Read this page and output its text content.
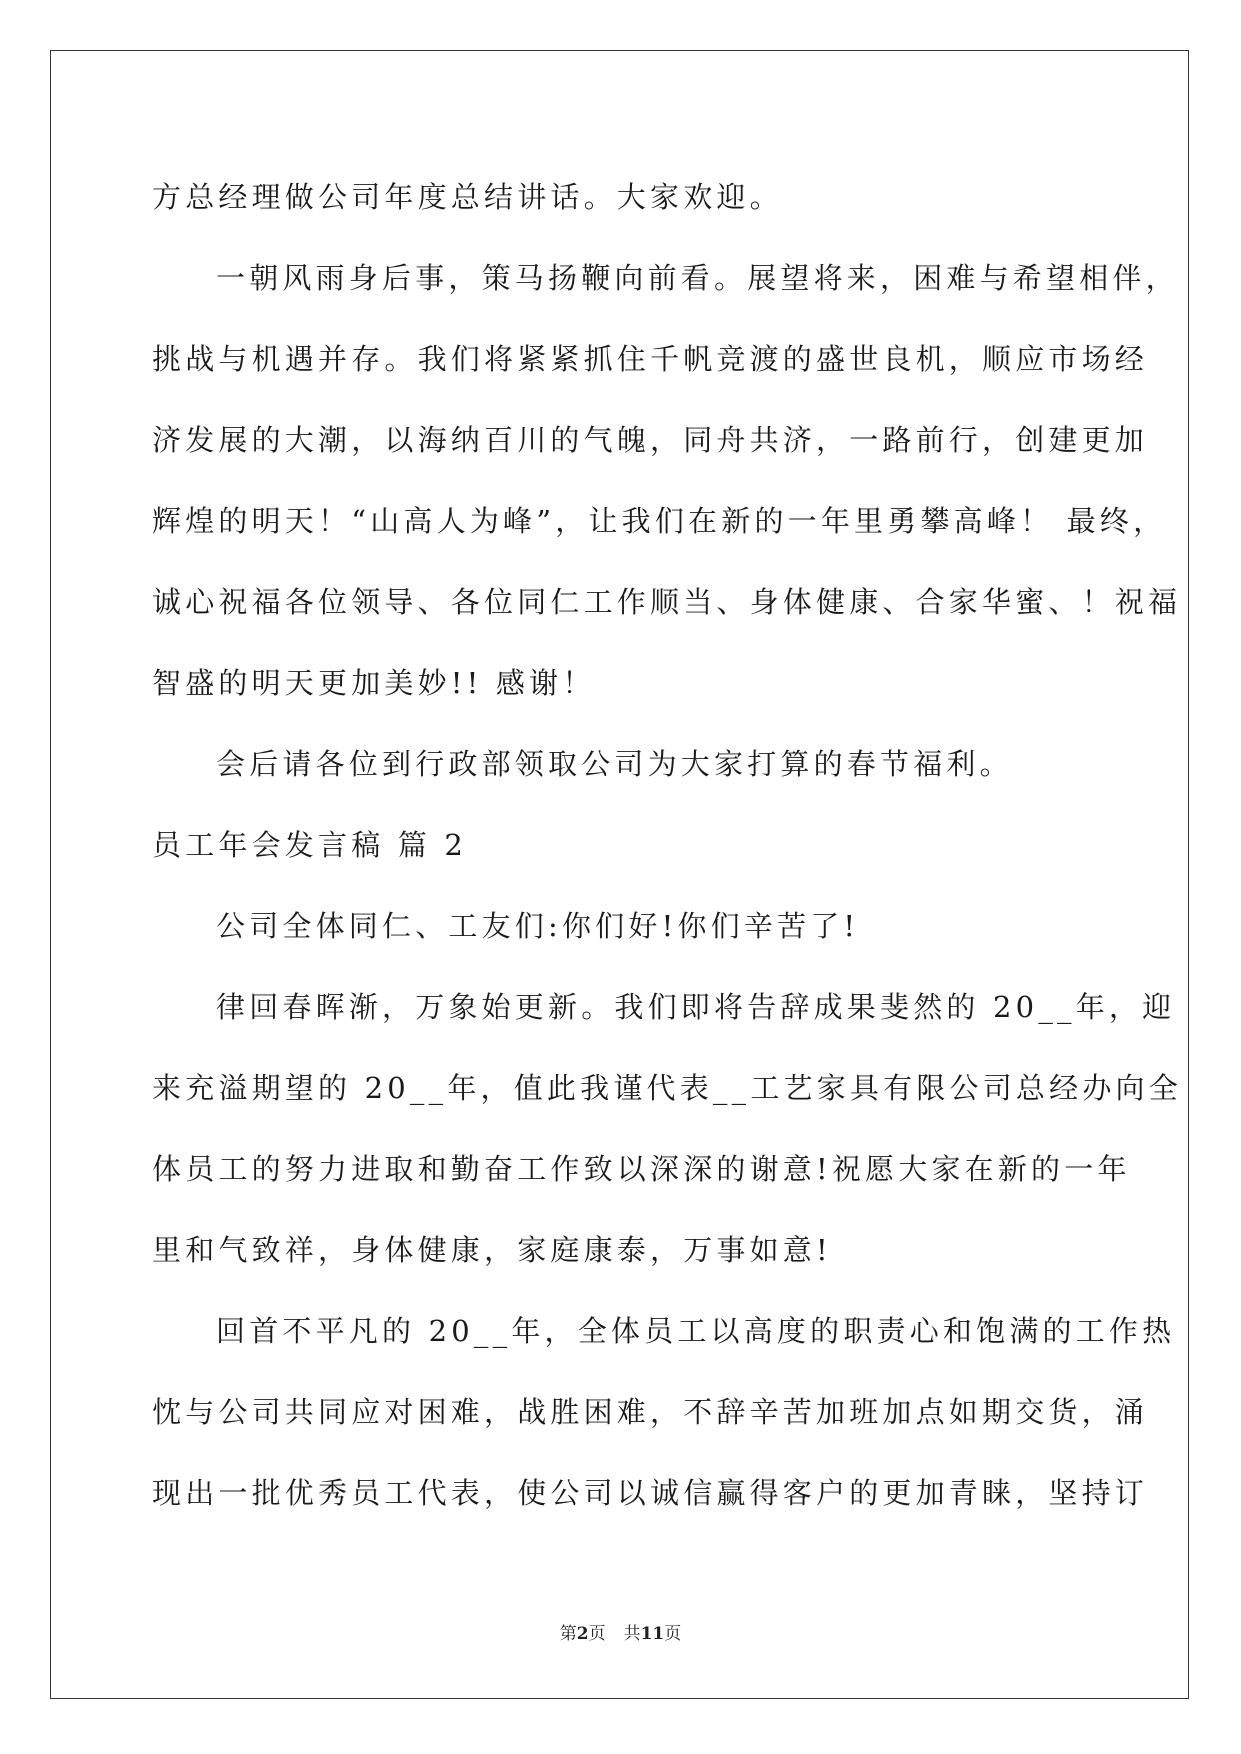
方总经理做公司年度总结讲话。大家欢迎。
一朝风雨身后事，策马扬鞭向前看。展望将来，困难与希望相伴，
挑战与机遇并存。我们将紧紧抓住千帆竞渡的盛世良机，顺应市场经
济发展的大潮，以海纳百川的气魄，同舟共济，一路前行，创建更加
辉煌的明天！“山高人为峰”，让我们在新的一年里勇攀高峰！ 最终，
诚心祝福各位领导、各位同仁工作顺当、身体健康、合家华蜜、！祝福
智盛的明天更加美妙!! 感谢！
会后请各位到行政部领取公司为大家打算的春节福利。
员工年会发言稿 篇 2
公司全体同仁、工友们:你们好!你们辛苦了!
律回春晖渐，万象始更新。我们即将告辞成果斐然的 20__年，迎
来充溢期望的 20__年，值此我谨代表__工艺家具有限公司总经办向全
体员工的努力进取和勤奋工作致以深深的谢意!祝愿大家在新的一年
里和气致祥，身体健康，家庭康泰，万事如意!
回首不平凡的 20__年，全体员工以高度的职责心和饱满的工作热
忱与公司共同应对困难，战胜困难，不辞辛苦加班加点如期交货，涌
现出一批优秀员工代表，使公司以诚信赢得客户的更加青睐，坚持订
第2页 共11页
